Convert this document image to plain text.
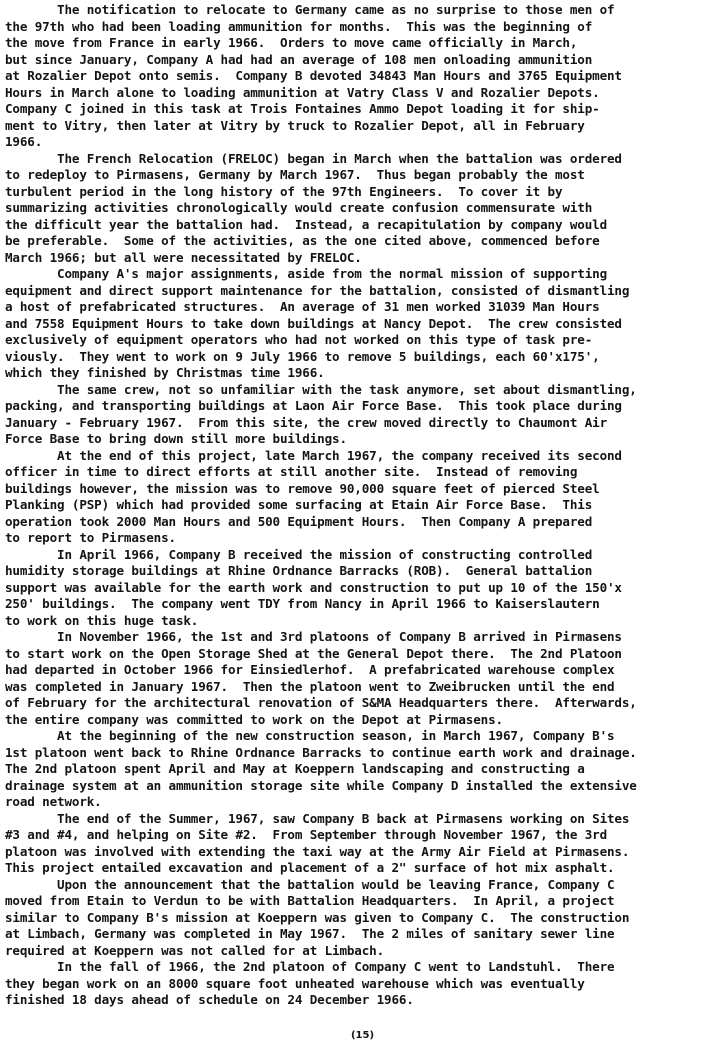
The notification to relocate to Germany came as no surprise to those men of
the 97th who had been loading ammunition for months.  This was the beginning of
the move from France in early 1966.  Orders to move came officially in March,
but since January, Company A had had an average of 108 men onloading ammunition
at Rozalier Depot onto semis.  Company B devoted 34843 Man Hours and 3765 Equipment
Hours in March alone to loading ammunition at Vatry Class V and Rozalier Depots.
Company C joined in this task at Trois Fontaines Ammo Depot loading it for ship-
ment to Vitry, then later at Vitry by truck to Rozalier Depot, all in February
1966.
The French Relocation (FRELOC) began in March when the battalion was ordered
to redeploy to Pirmasens, Germany by March 1967.  Thus began probably the most
turbulent period in the long history of the 97th Engineers.  To cover it by
summarizing activities chronologically would create confusion commensurate with
the difficult year the battalion had.  Instead, a recapitulation by company would
be preferable.  Some of the activities, as the one cited above, commenced before
March 1966; but all were necessitated by FRELOC.
Company A's major assignments, aside from the normal mission of supporting
equipment and direct support maintenance for the battalion, consisted of dismantling
a host of prefabricated structures.  An average of 31 men worked 31039 Man Hours
and 7558 Equipment Hours to take down buildings at Nancy Depot.  The crew consisted
exclusively of equipment operators who had not worked on this type of task pre-
viously.  They went to work on 9 July 1966 to remove 5 buildings, each 60'x175',
which they finished by Christmas time 1966.
The same crew, not so unfamiliar with the task anymore, set about dismantling,
packing, and transporting buildings at Laon Air Force Base.  This took place during
January - February 1967.  From this site, the crew moved directly to Chaumont Air
Force Base to bring down still more buildings.
At the end of this project, late March 1967, the company received its second
officer in time to direct efforts at still another site.  Instead of removing
buildings however, the mission was to remove 90,000 square feet of pierced Steel
Planking (PSP) which had provided some surfacing at Etain Air Force Base.  This
operation took 2000 Man Hours and 500 Equipment Hours.  Then Company A prepared
to report to Pirmasens.
In April 1966, Company B received the mission of constructing controlled
humidity storage buildings at Rhine Ordnance Barracks (ROB).  General battalion
support was available for the earth work and construction to put up 10 of the 150'x
250' buildings.  The company went TDY from Nancy in April 1966 to Kaiserslautern
to work on this huge task.
In November 1966, the 1st and 3rd platoons of Company B arrived in Pirmasens
to start work on the Open Storage Shed at the General Depot there.  The 2nd Platoon
had departed in October 1966 for Einsiedlerhof.  A prefabricated warehouse complex
was completed in January 1967.  Then the platoon went to Zweibrucken until the end
of February for the architectural renovation of S&MA Headquarters there.  Afterwards,
the entire company was committed to work on the Depot at Pirmasens.
At the beginning of the new construction season, in March 1967, Company B's
1st platoon went back to Rhine Ordnance Barracks to continue earth work and drainage.
The 2nd platoon spent April and May at Koeppern landscaping and constructing a
drainage system at an ammunition storage site while Company D installed the extensive
road network.
The end of the Summer, 1967, saw Company B back at Pirmasens working on Sites
#3 and #4, and helping on Site #2.  From September through November 1967, the 3rd
platoon was involved with extending the taxi way at the Army Air Field at Pirmasens.
This project entailed excavation and placement of a 2" surface of hot mix asphalt.
Upon the announcement that the battalion would be leaving France, Company C
moved from Etain to Verdun to be with Battalion Headquarters.  In April, a project
similar to Company B's mission at Koeppern was given to Company C.  The construction
at Limbach, Germany was completed in May 1967.  The 2 miles of sanitary sewer line
required at Koeppern was not called for at Limbach.
In the fall of 1966, the 2nd platoon of Company C went to Landstuhl.  There
they began work on an 8000 square foot unheated warehouse which was eventually
finished 18 days ahead of schedule on 24 December 1966.
(15)
